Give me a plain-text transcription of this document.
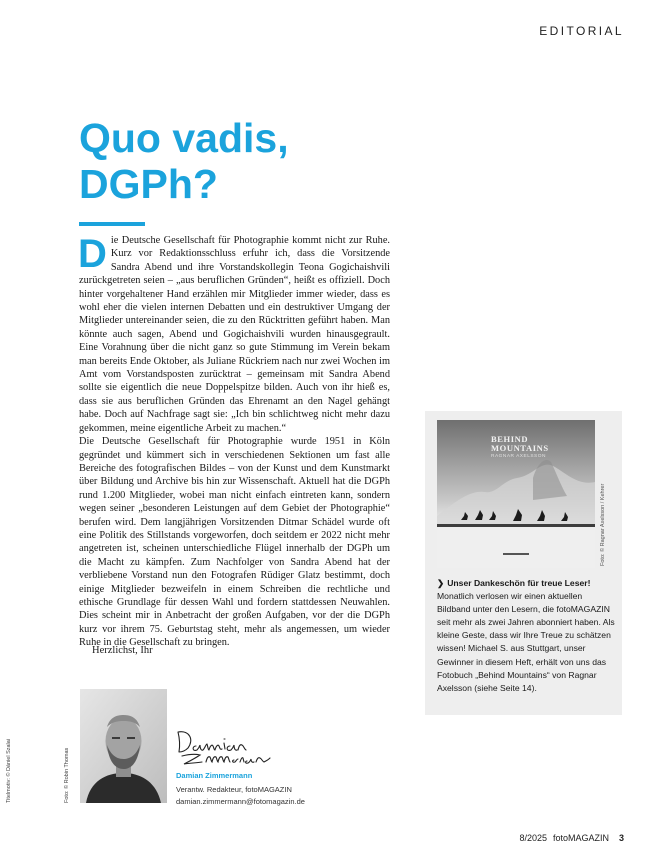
EDITORIAL
Quo vadis,
DGPh?

Die Deutsche Gesellschaft für Photographie kommt nicht zur Ruhe. Kurz vor Redaktionsschluss erfuhr ich, dass die Vorsitzende Sandra Abend und ihre Vorstandskollegin Teona Gogichaishvili zurückgetreten seien – „aus beruflichen Gründen“, heißt es offiziell. Doch hinter vorgehaltener Hand erzählen mir Mitglieder immer wieder, dass es wohl eher die vielen internen Debatten und ein destruktiver Umgang der Mitglieder untereinander seien, die zu den Rücktritten geführt haben. Man könnte auch sagen, Abend und Gogichaishvili wurden hinausgegrault. Eine Vorahnung über die nicht ganz so gute Stimmung im Verein bekam man bereits Ende Oktober, als Juliane Rückriem nach nur zwei Wochen im Amt vom Vorstandsposten zurücktrat – gemeinsam mit Sandra Abend sollte sie eigentlich die neue Doppelspitze bilden. Auch von ihr hieß es, dass sie aus beruflichen Gründen das Ehrenamt an den Nagel gehängt habe. Doch auf Nachfrage sagt sie: „Ich bin schlichtweg nicht mehr dazu gekommen, meine eigentliche Arbeit zu machen.“

Die Deutsche Gesellschaft für Photographie wurde 1951 in Köln gegründet und kümmert sich in verschiedenen Sektionen um fast alle Bereiche des fotografischen Bildes – von der Kunst und dem Kunstmarkt über Bildung und Archive bis hin zur Wissenschaft. Aktuell hat die DGPh rund 1.200 Mitglieder, wobei man nicht einfach eintreten kann, sondern wegen seiner „besonderen Leistungen auf dem Gebiet der Photographie“ berufen wird. Dem langjährigen Vorsitzenden Ditmar Schädel wurde oft eine Politik des Stillstands vorgeworfen, doch seitdem er 2022 nicht mehr angetreten ist, scheinen unterschiedliche Flügel innerhalb der DGPh um die Macht zu kämpfen. Zum Nachfolger von Sandra Abend hat der verbliebene Vorstand nun den Fotografen Rüdiger Glatz bestimmt, doch einige Mitglieder bezweifeln in einem Schreiben die rechtliche und ethische Grundlage für dessen Wahl und fordern stattdessen Neuwahlen. Dies scheint mir in Anbetracht der großen Aufgaben, vor der die DGPh kurz vor ihrem 75. Geburtstag steht, mehr als angemessen, um wieder Ruhe in die Gesellschaft zu bringen.

Herzlichst, Ihr
Titelmotiv: © Dániel Szalai	Foto: © Robin Thomas	Damian Zimmermann
Verantw. Redakteur, fotoMAGAZIN
damian.zimmermann@fotomagazin.de
BEHIND
MOUNTAINS
RAGNAR AXELSSON
Foto: © Ragnar Axelsson / Kehrer
❯ Unser Dankeschön für treue Leser! Monatlich verlosen wir einen aktuellen Bildband unter den Lesern, die fotoMAGAZIN seit mehr als zwei Jahren abonniert haben. Als kleine Geste, dass wir Ihre Treue zu schätzen wissen! Michael S. aus Stuttgart, unser Gewinner in diesem Heft, erhält von uns das Fotobuch „Behind Mountains“ von Ragnar Axelsson (siehe Seite 14).
8/2025 fotoMAGAZIN 3
